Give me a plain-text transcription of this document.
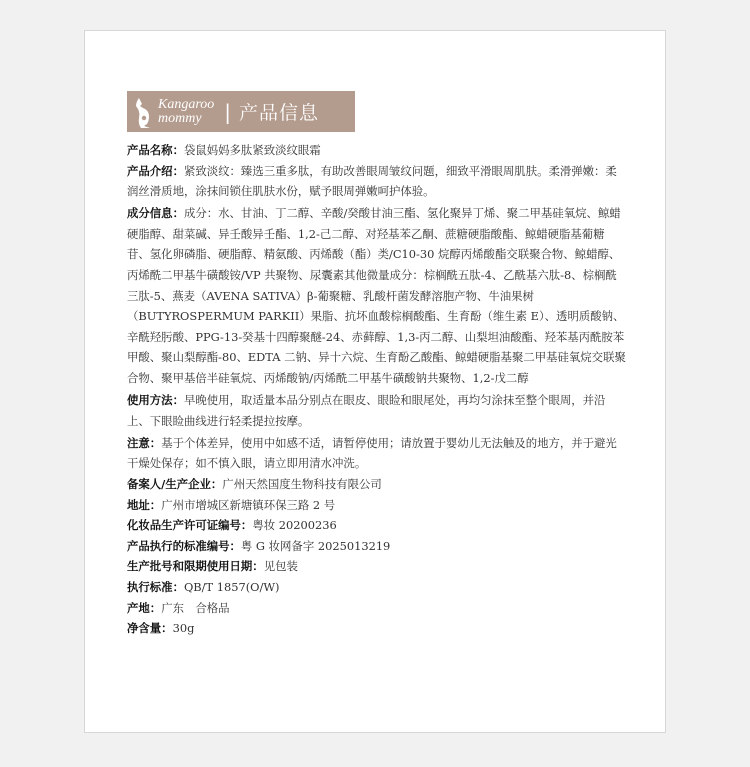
Kangaroo
mommy	| 产品信息

产品名称：袋鼠妈妈多肽紧致淡纹眼霜

产品介绍：紧致淡纹：臻选三重多肽，有助改善眼周皱纹问题，细致平滑眼周肌肤。柔滑弹嫩：柔润丝滑质地，涂抹间锁住肌肤水份，赋予眼周弹嫩呵护体验。

成分信息：成分：水、甘油、丁二醇、辛酸/癸酸甘油三酯、氢化聚异丁烯、聚二甲基硅氧烷、鲸蜡硬脂醇、甜菜碱、异壬酸异壬酯、1,2-己二醇、对羟基苯乙酮、蔗糖硬脂酸酯、鲸蜡硬脂基葡糖苷、氢化卵磷脂、硬脂醇、精氨酸、丙烯酸（酯）类/C10-30 烷醇丙烯酸酯交联聚合物、鲸蜡醇、丙烯酰二甲基牛磺酸铵/VP 共聚物、尿囊素其他微量成分：棕榈酰五肽-4、乙酰基六肽-8、棕榈酰三肽-5、燕麦（AVENA SATIVA）β-葡聚糖、乳酸杆菌发酵溶胞产物、牛油果树（BUTYROSPERMUM PARKII）果脂、抗坏血酸棕榈酸酯、生育酚（维生素 E）、透明质酸钠、辛酰羟肟酸、PPG-13-癸基十四醇聚醚-24、赤藓醇、1,3-丙二醇、山梨坦油酸酯、羟苯基丙酰胺苯甲酸、聚山梨醇酯-80、EDTA 二钠、异十六烷、生育酚乙酸酯、鲸蜡硬脂基聚二甲基硅氧烷交联聚合物、聚甲基倍半硅氧烷、丙烯酸钠/丙烯酰二甲基牛磺酸钠共聚物、1,2-戊二醇

使用方法：早晚使用，取适量本品分别点在眼皮、眼睑和眼尾处，再均匀涂抹至整个眼周，并沿上、下眼睑曲线进行轻柔提拉按摩。

注意：基于个体差异，使用中如感不适，请暂停使用；请放置于婴幼儿无法触及的地方，并于避光干燥处保存；如不慎入眼，请立即用清水冲洗。

备案人/生产企业：广州天然国度生物科技有限公司

地址：广州市增城区新塘镇环保三路 2 号

化妆品生产许可证编号：粤妆 20200236

产品执行的标准编号：粤 G 妆网备字 2025013219

生产批号和限期使用日期：见包装

执行标准：QB/T 1857(O/W)

产地：广东　合格品

净含量：30g
